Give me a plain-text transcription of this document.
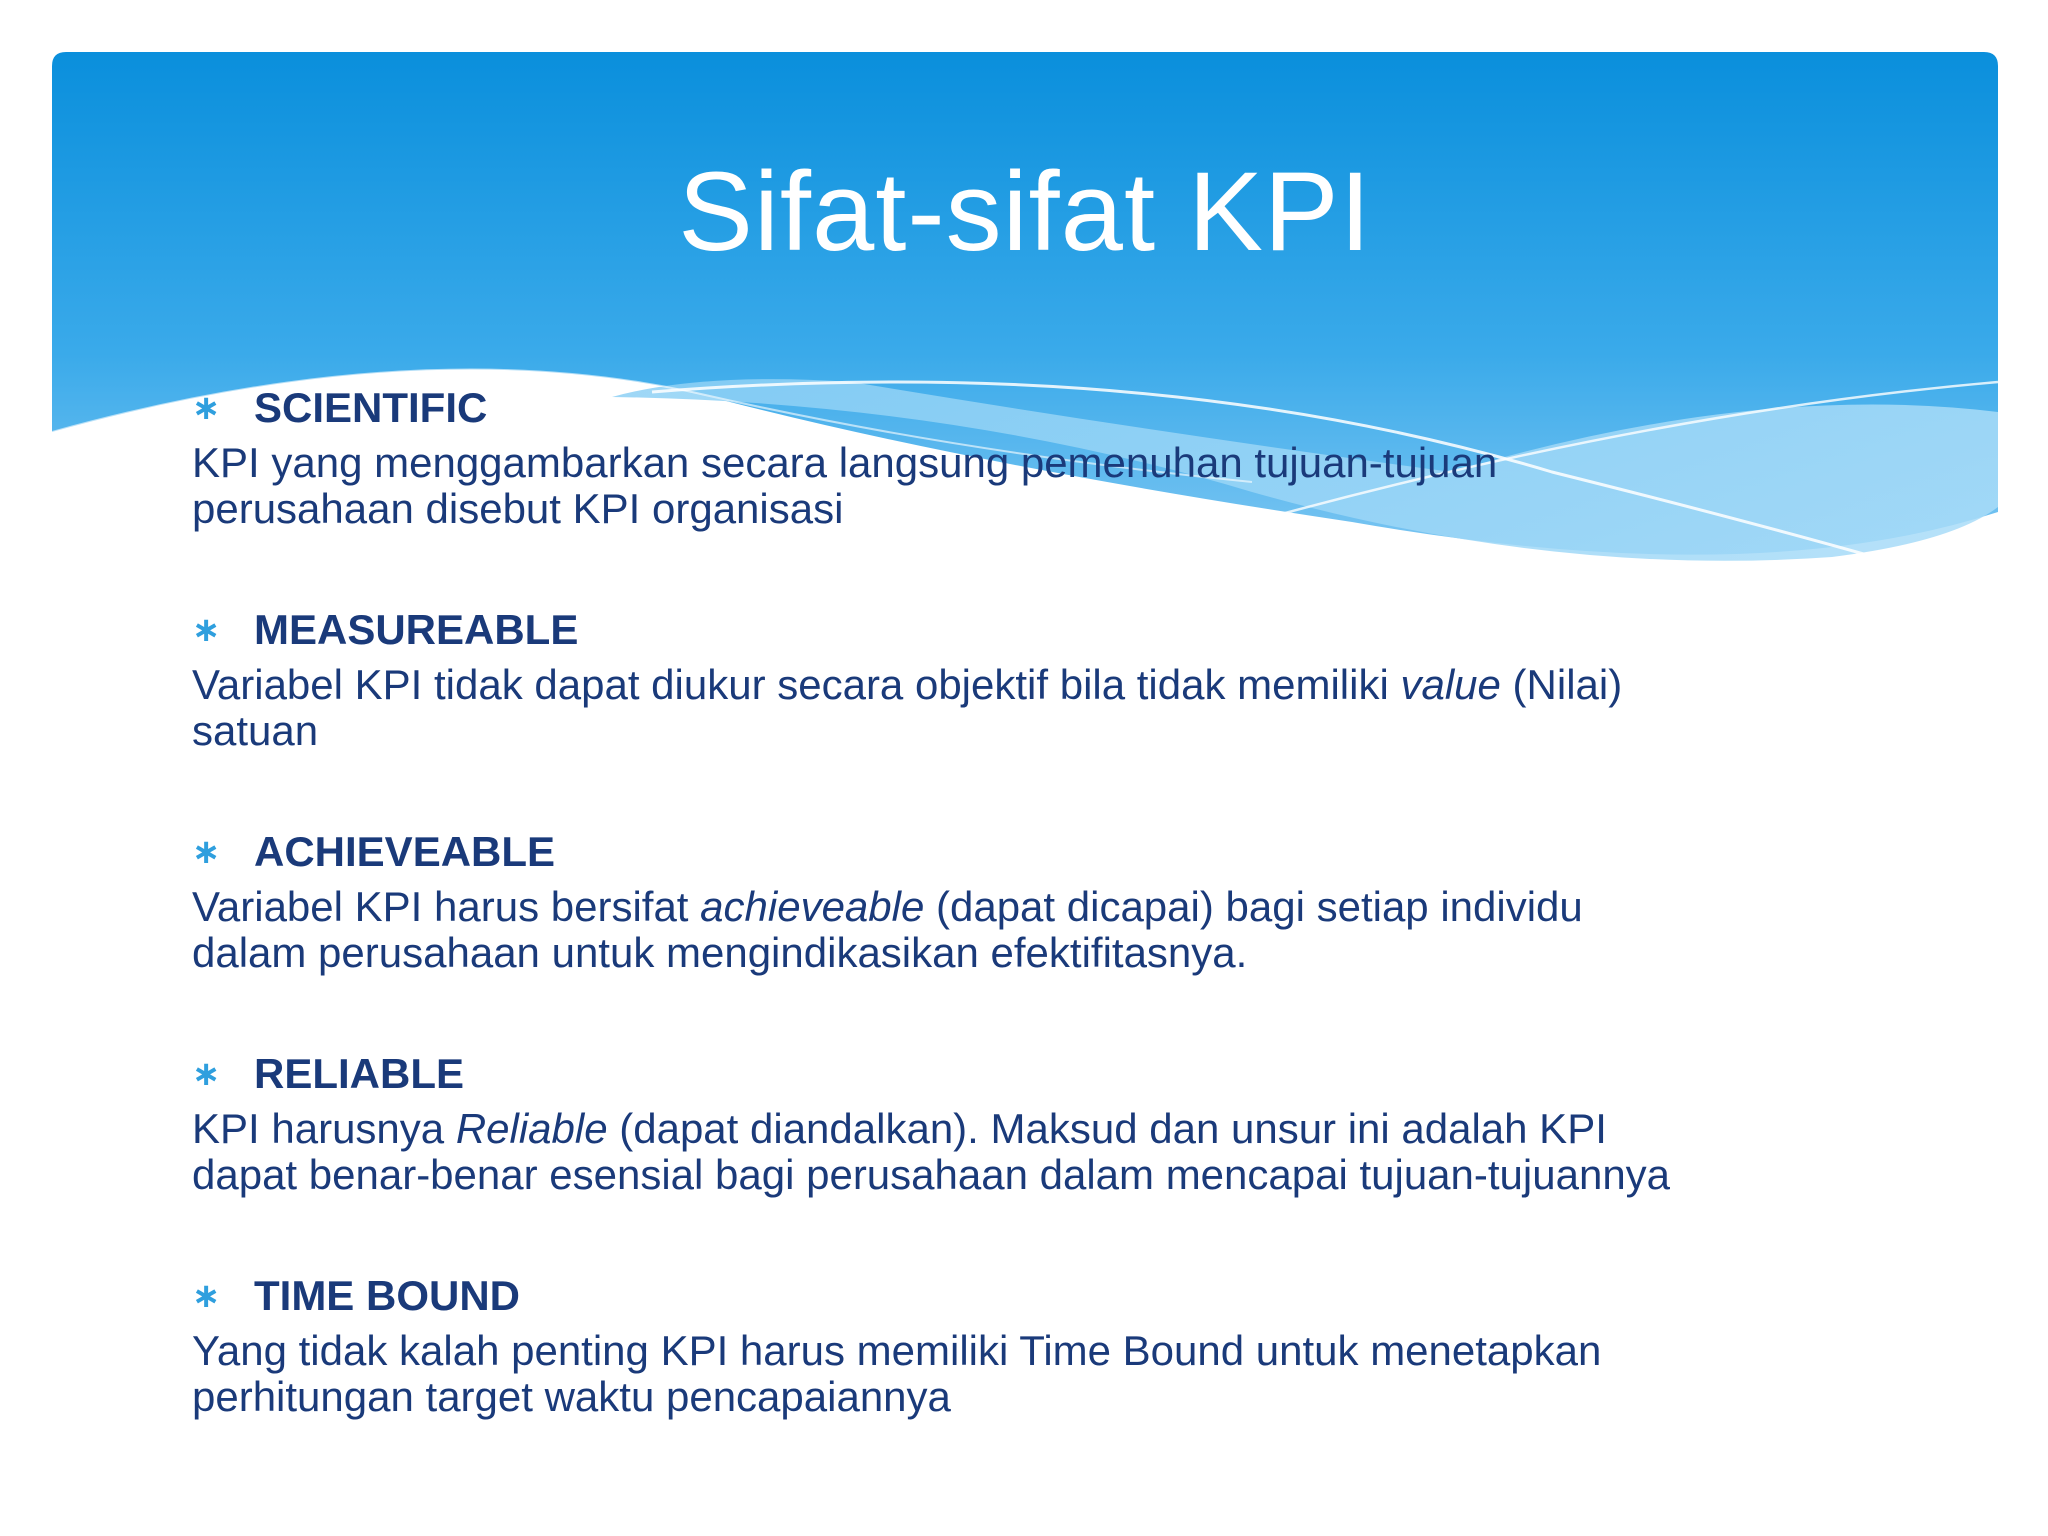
Sifat-sifat KPI
∗ SCIENTIFIC
KPI yang menggambarkan secara langsung pemenuhan tujuan-tujuan
perusahaan disebut KPI organisasi
∗ MEASUREABLE
Variabel KPI tidak dapat diukur secara objektif bila tidak memiliki value (Nilai)
satuan
∗ ACHIEVEABLE
Variabel KPI harus bersifat achieveable (dapat dicapai) bagi setiap individu
dalam perusahaan untuk mengindikasikan efektifitasnya.
∗ RELIABLE
KPI harusnya Reliable (dapat diandalkan). Maksud dan unsur ini adalah KPI
dapat benar-benar esensial bagi perusahaan dalam mencapai tujuan-tujuannya
∗ TIME BOUND
Yang tidak kalah penting KPI harus memiliki Time Bound untuk menetapkan
perhitungan target waktu pencapaiannya
